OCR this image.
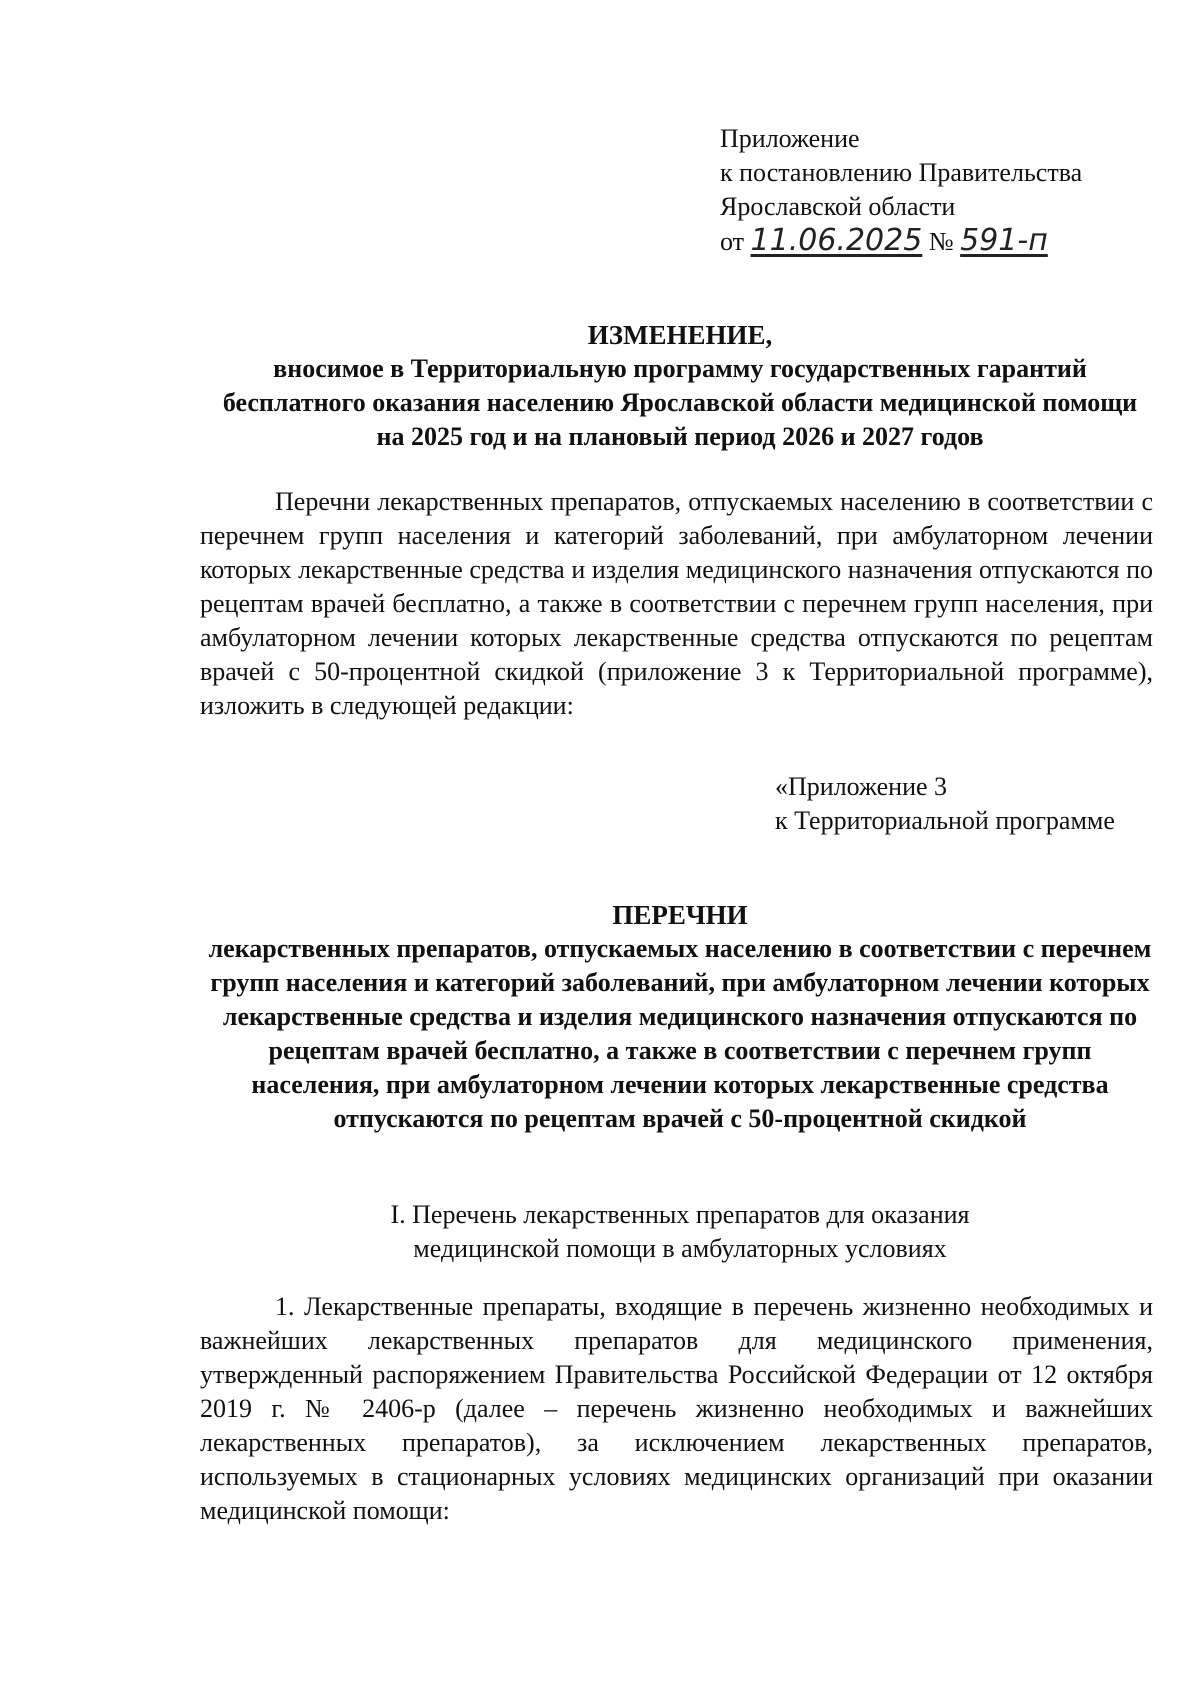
Приложение
к постановлению Правительства
Ярославской области
от 11.06.2025 № 591-п
ИЗМЕНЕНИЕ,
вносимое в Территориальную программу государственных гарантий бесплатного оказания населению Ярославской области медицинской помощи на 2025 год и на плановый период 2026 и 2027 годов
Перечни лекарственных препаратов, отпускаемых населению в соответствии с перечнем групп населения и категорий заболеваний, при амбулаторном лечении которых лекарственные средства и изделия медицинского назначения отпускаются по рецептам врачей бесплатно, а также в соответствии с перечнем групп населения, при амбулаторном лечении которых лекарственные средства отпускаются по рецептам врачей с 50-процентной скидкой (приложение 3 к Территориальной программе), изложить в следующей редакции:
«Приложение 3
к Территориальной программе
ПЕРЕЧНИ
лекарственных препаратов, отпускаемых населению в соответствии с перечнем групп населения и категорий заболеваний, при амбулаторном лечении которых лекарственные средства и изделия медицинского назначения отпускаются по рецептам врачей бесплатно, а также в соответствии с перечнем групп населения, при амбулаторном лечении которых лекарственные средства отпускаются по рецептам врачей с 50-процентной скидкой
I. Перечень лекарственных препаратов для оказания
медицинской помощи в амбулаторных условиях
1. Лекарственные препараты, входящие в перечень жизненно необходимых и важнейших лекарственных препаратов для медицинского применения, утвержденный распоряжением Правительства Российской Федерации от 12 октября 2019 г. № 2406-р (далее – перечень жизненно необходимых и важнейших лекарственных препаратов), за исключением лекарственных препаратов, используемых в стационарных условиях медицинских организаций при оказании медицинской помощи:
